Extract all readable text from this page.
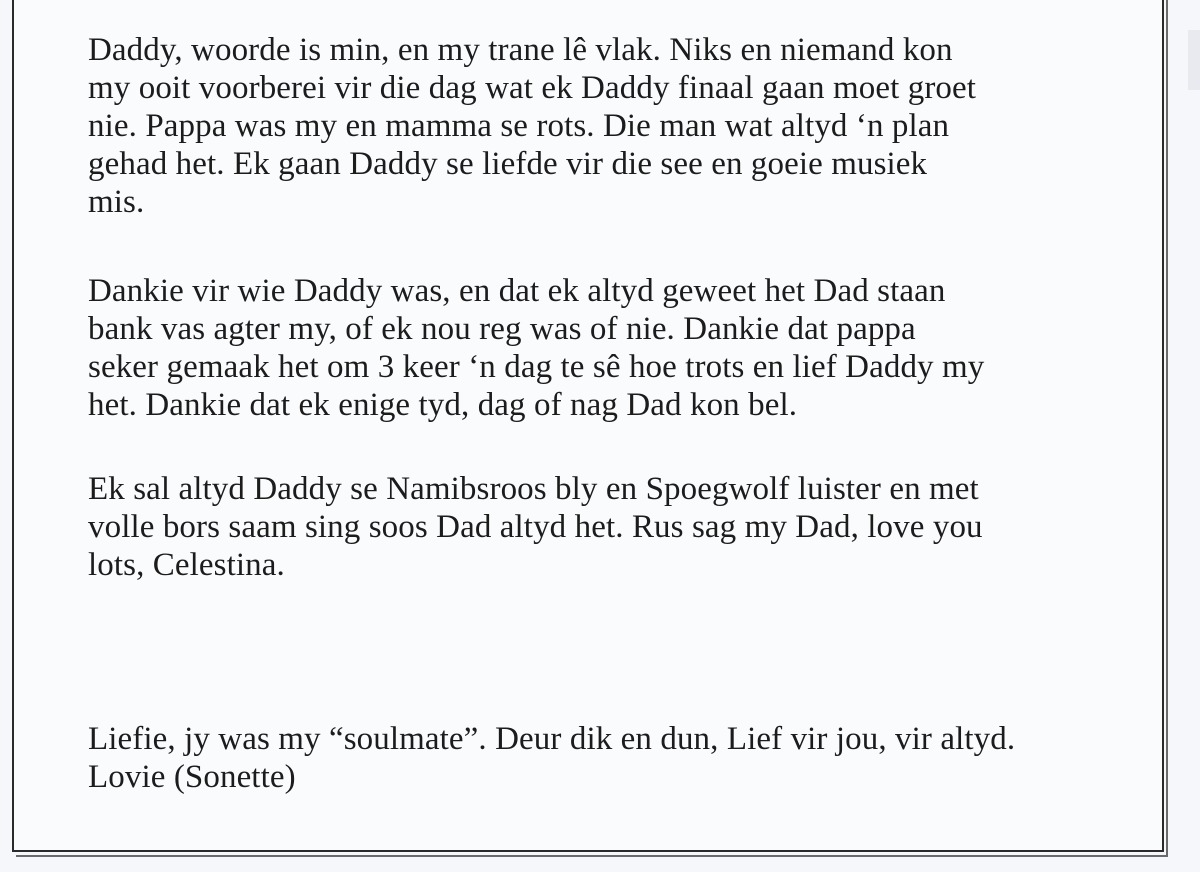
Daddy, woorde is min, en my trane lê vlak. Niks en niemand kon
my ooit voorberei vir die dag wat ek Daddy finaal gaan moet groet
nie. Pappa was my en mamma se rots. Die man wat altyd ‘n plan
gehad het. Ek gaan Daddy se liefde vir die see en goeie musiek
mis.
Dankie vir wie Daddy was, en dat ek altyd geweet het Dad staan
bank vas agter my, of ek nou reg was of nie. Dankie dat pappa
seker gemaak het om 3 keer ‘n dag te sê hoe trots en lief Daddy my
het. Dankie dat ek enige tyd, dag of nag Dad kon bel.
Ek sal altyd Daddy se Namibsroos bly en Spoegwolf luister en met
volle bors saam sing soos Dad altyd het. Rus sag my Dad, love you
lots, Celestina.
Liefie, jy was my “soulmate”. Deur dik en dun, Lief vir jou, vir altyd.
Lovie (Sonette)
